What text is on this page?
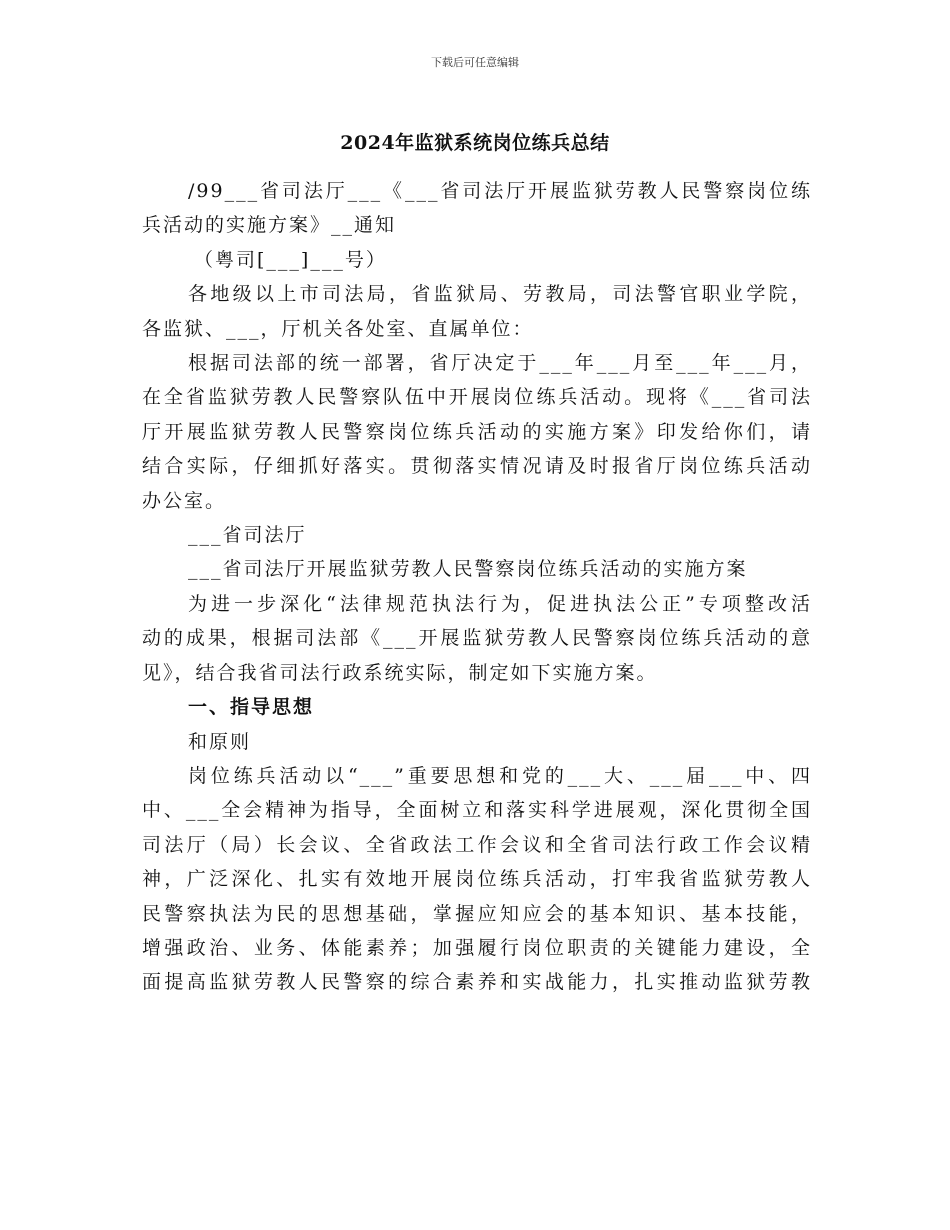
下载后可任意编辑
2024年监狱系统岗位练兵总结
/99___省司法厅___《___省司法厅开展监狱劳教人民警察岗位练
兵活动的实施方案》__通知
（粤司[___]___号）
各地级以上市司法局，省监狱局、劳教局，司法警官职业学院，
各监狱、___，厅机关各处室、直属单位：
根据司法部的统一部署，省厅决定于___年___月至___年___月，
在全省监狱劳教人民警察队伍中开展岗位练兵活动。现将《___省司法
厅开展监狱劳教人民警察岗位练兵活动的实施方案》印发给你们，请
结合实际，仔细抓好落实。贯彻落实情况请及时报省厅岗位练兵活动
办公室。
___省司法厅
___省司法厅开展监狱劳教人民警察岗位练兵活动的实施方案
为进一步深化“法律规范执法行为，促进执法公正”专项整改活
动的成果，根据司法部《___开展监狱劳教人民警察岗位练兵活动的意
见》，结合我省司法行政系统实际，制定如下实施方案。
一、指导思想
和原则
岗位练兵活动以“___”重要思想和党的___大、___届___中、四
中、___全会精神为指导，全面树立和落实科学进展观，深化贯彻全国
司法厅（局）长会议、全省政法工作会议和全省司法行政工作会议精
神，广泛深化、扎实有效地开展岗位练兵活动，打牢我省监狱劳教人
民警察执法为民的思想基础，掌握应知应会的基本知识、基本技能，
增强政治、业务、体能素养；加强履行岗位职责的关键能力建设，全
面提高监狱劳教人民警察的综合素养和实战能力，扎实推动监狱劳教
